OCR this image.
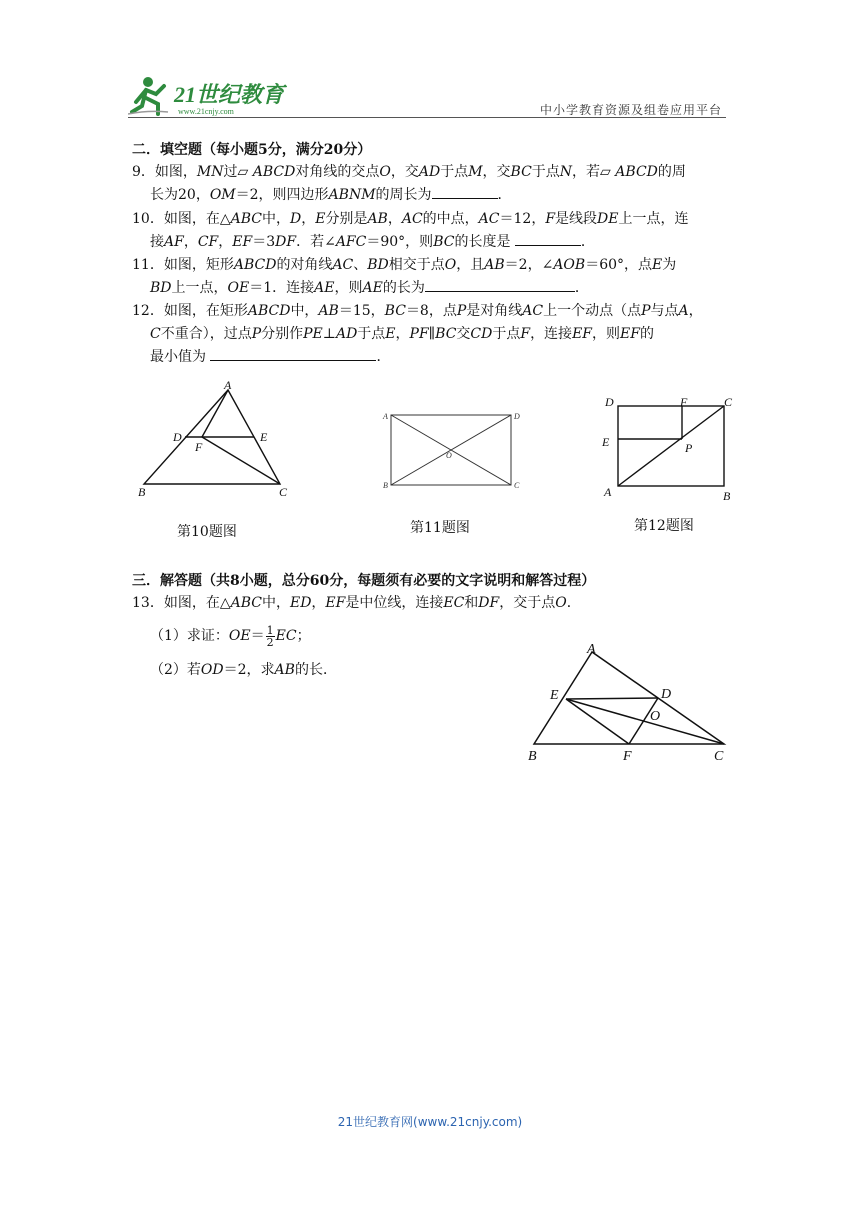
21世纪教育
www.21cnjy.com	中小学教育资源及组卷应用平台
二．填空题（每小题5分，满分20分）
9．如图，MN过▱ ABCD对角线的交点O，交AD于点M，交BC于点N，若▱ ABCD的周
长为20，OM＝2，则四边形ABNM的周长为	．
10．如图，在△ABC中，D，E分别是AB，AC的中点，AC＝12，F是线段DE上一点，连
接AF，CF，EF＝3DF．若∠AFC＝90°，则BC的长度是	．
11．如图，矩形ABCD的对角线AC、BD相交于点O，且AB＝2，∠AOB＝60°，点E为
BD上一点，OE＝1．连接AE，则AE的长为	．
12．如图，在矩形ABCD中，AB＝15，BC＝8，点P是对角线AC上一个动点（点P与点A，
C不重合），过点P分别作PE⊥AD于点E，PF∥BC交CD于点F，连接EF，则EF的
最小值为	．
A
B	C
D	E
F
第10题图
A	D
B	C
O
第11题图
D	F	C
E	P
A	B
第12题图
三．解答题（共8小题，总分60分，每题须有必要的文字说明和解答过程）
13．如图，在△ABC中，ED，EF是中位线，连接EC和DF，交于点O．
（1）求证：$OE= \frac{1}{2}$ EC；
（2）若OD＝2，求AB的长．
A
B	C
D
E
F
O
21世纪教育网(www.21cnjy.com)
